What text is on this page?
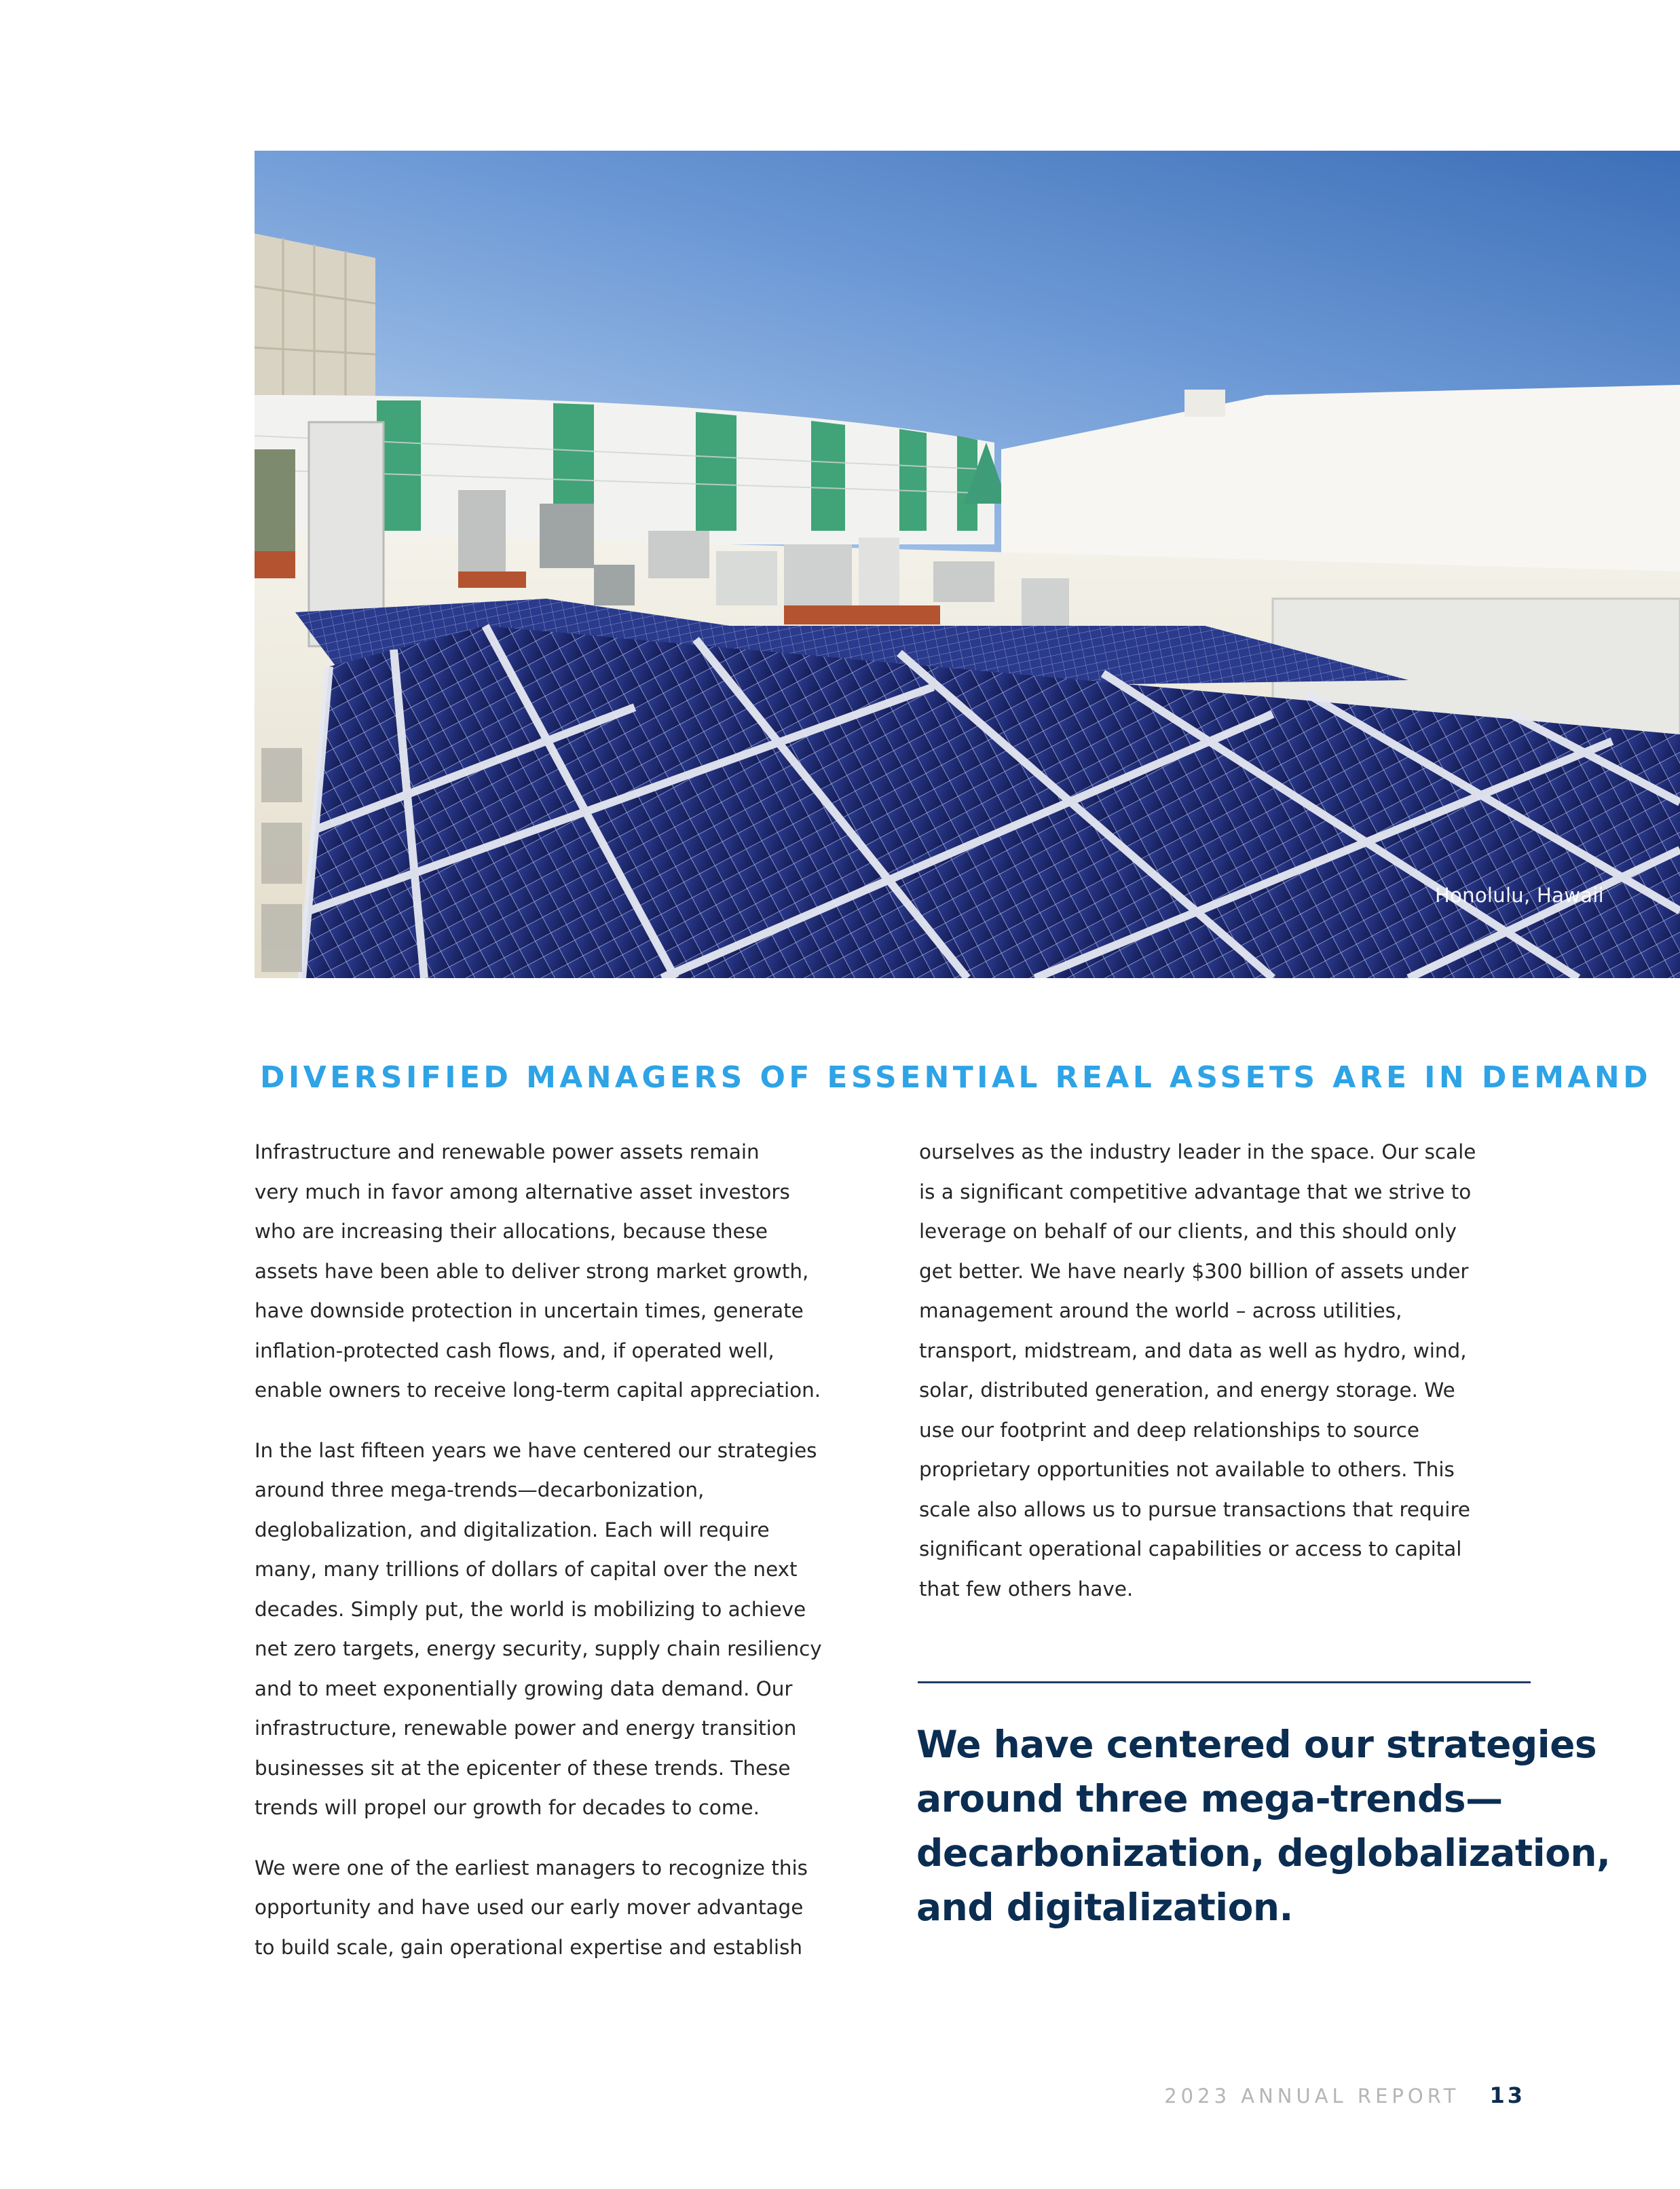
Honolulu, Hawaii
DIVERSIFIED MANAGERS OF ESSENTIAL REAL ASSETS ARE IN DEMAND

Infrastructure and renewable power assets remain
very much in favor among alternative asset investors
who are increasing their allocations, because these
assets have been able to deliver strong market growth,
have downside protection in uncertain times, generate
inflation-protected cash flows, and, if operated well,
enable owners to receive long-term capital appreciation.

In the last fifteen years we have centered our strategies
around three mega-trends—decarbonization,
deglobalization, and digitalization. Each will require
many, many trillions of dollars of capital over the next
decades. Simply put, the world is mobilizing to achieve
net zero targets, energy security, supply chain resiliency
and to meet exponentially growing data demand. Our
infrastructure, renewable power and energy transition
businesses sit at the epicenter of these trends. These
trends will propel our growth for decades to come.

We were one of the earliest managers to recognize this
opportunity and have used our early mover advantage
to build scale, gain operational expertise and establish

ourselves as the industry leader in the space. Our scale
is a significant competitive advantage that we strive to
leverage on behalf of our clients, and this should only
get better. We have nearly $300 billion of assets under
management around the world – across utilities,
transport, midstream, and data as well as hydro, wind,
solar, distributed generation, and energy storage. We
use our footprint and deep relationships to source
proprietary opportunities not available to others. This
scale also allows us to pursue transactions that require
significant operational capabilities or access to capital
that few others have.

We have centered our strategies
around three mega-trends—
decarbonization, deglobalization,
and digitalization.
2023 ANNUAL REPORT 13
